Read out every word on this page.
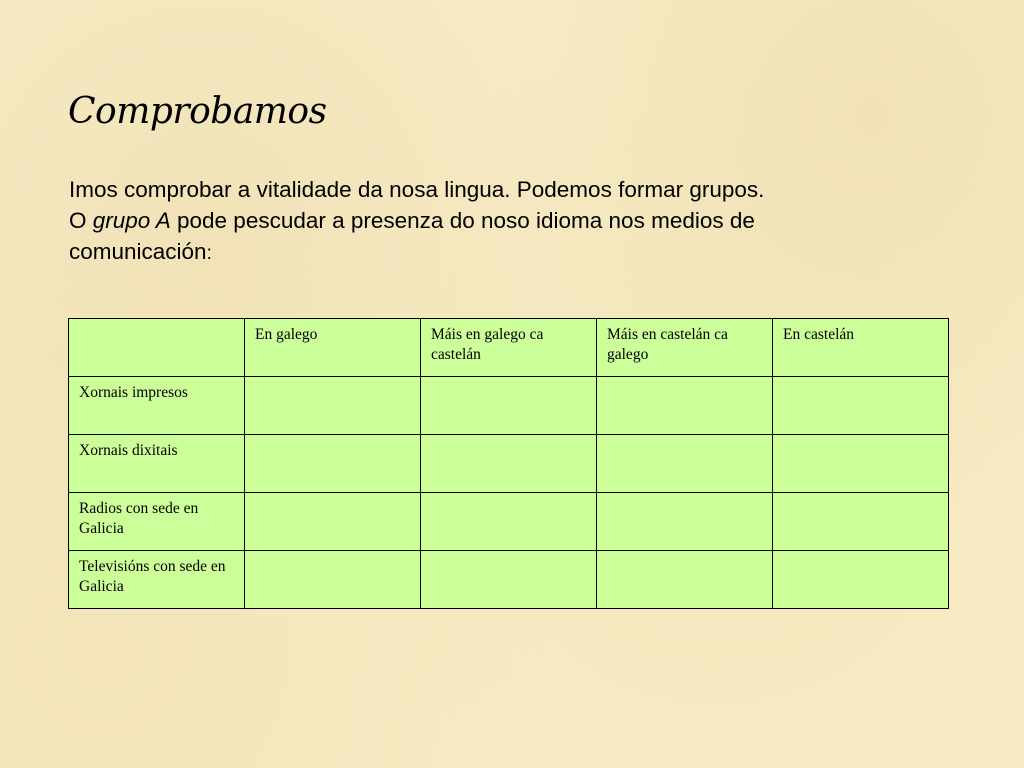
Comprobamos
Imos comprobar a vitalidade da nosa lingua. Podemos formar grupos.
O grupo A pode pescudar a presenza do noso idioma nos medios de
comunicación:
	En galego	Máis en galego ca castelán	Máis en castelán ca galego	En castelán
Xornais impresos				
Xornais dixitais				
Radios con sede en Galicia				
Televisións con sede en Galicia				
